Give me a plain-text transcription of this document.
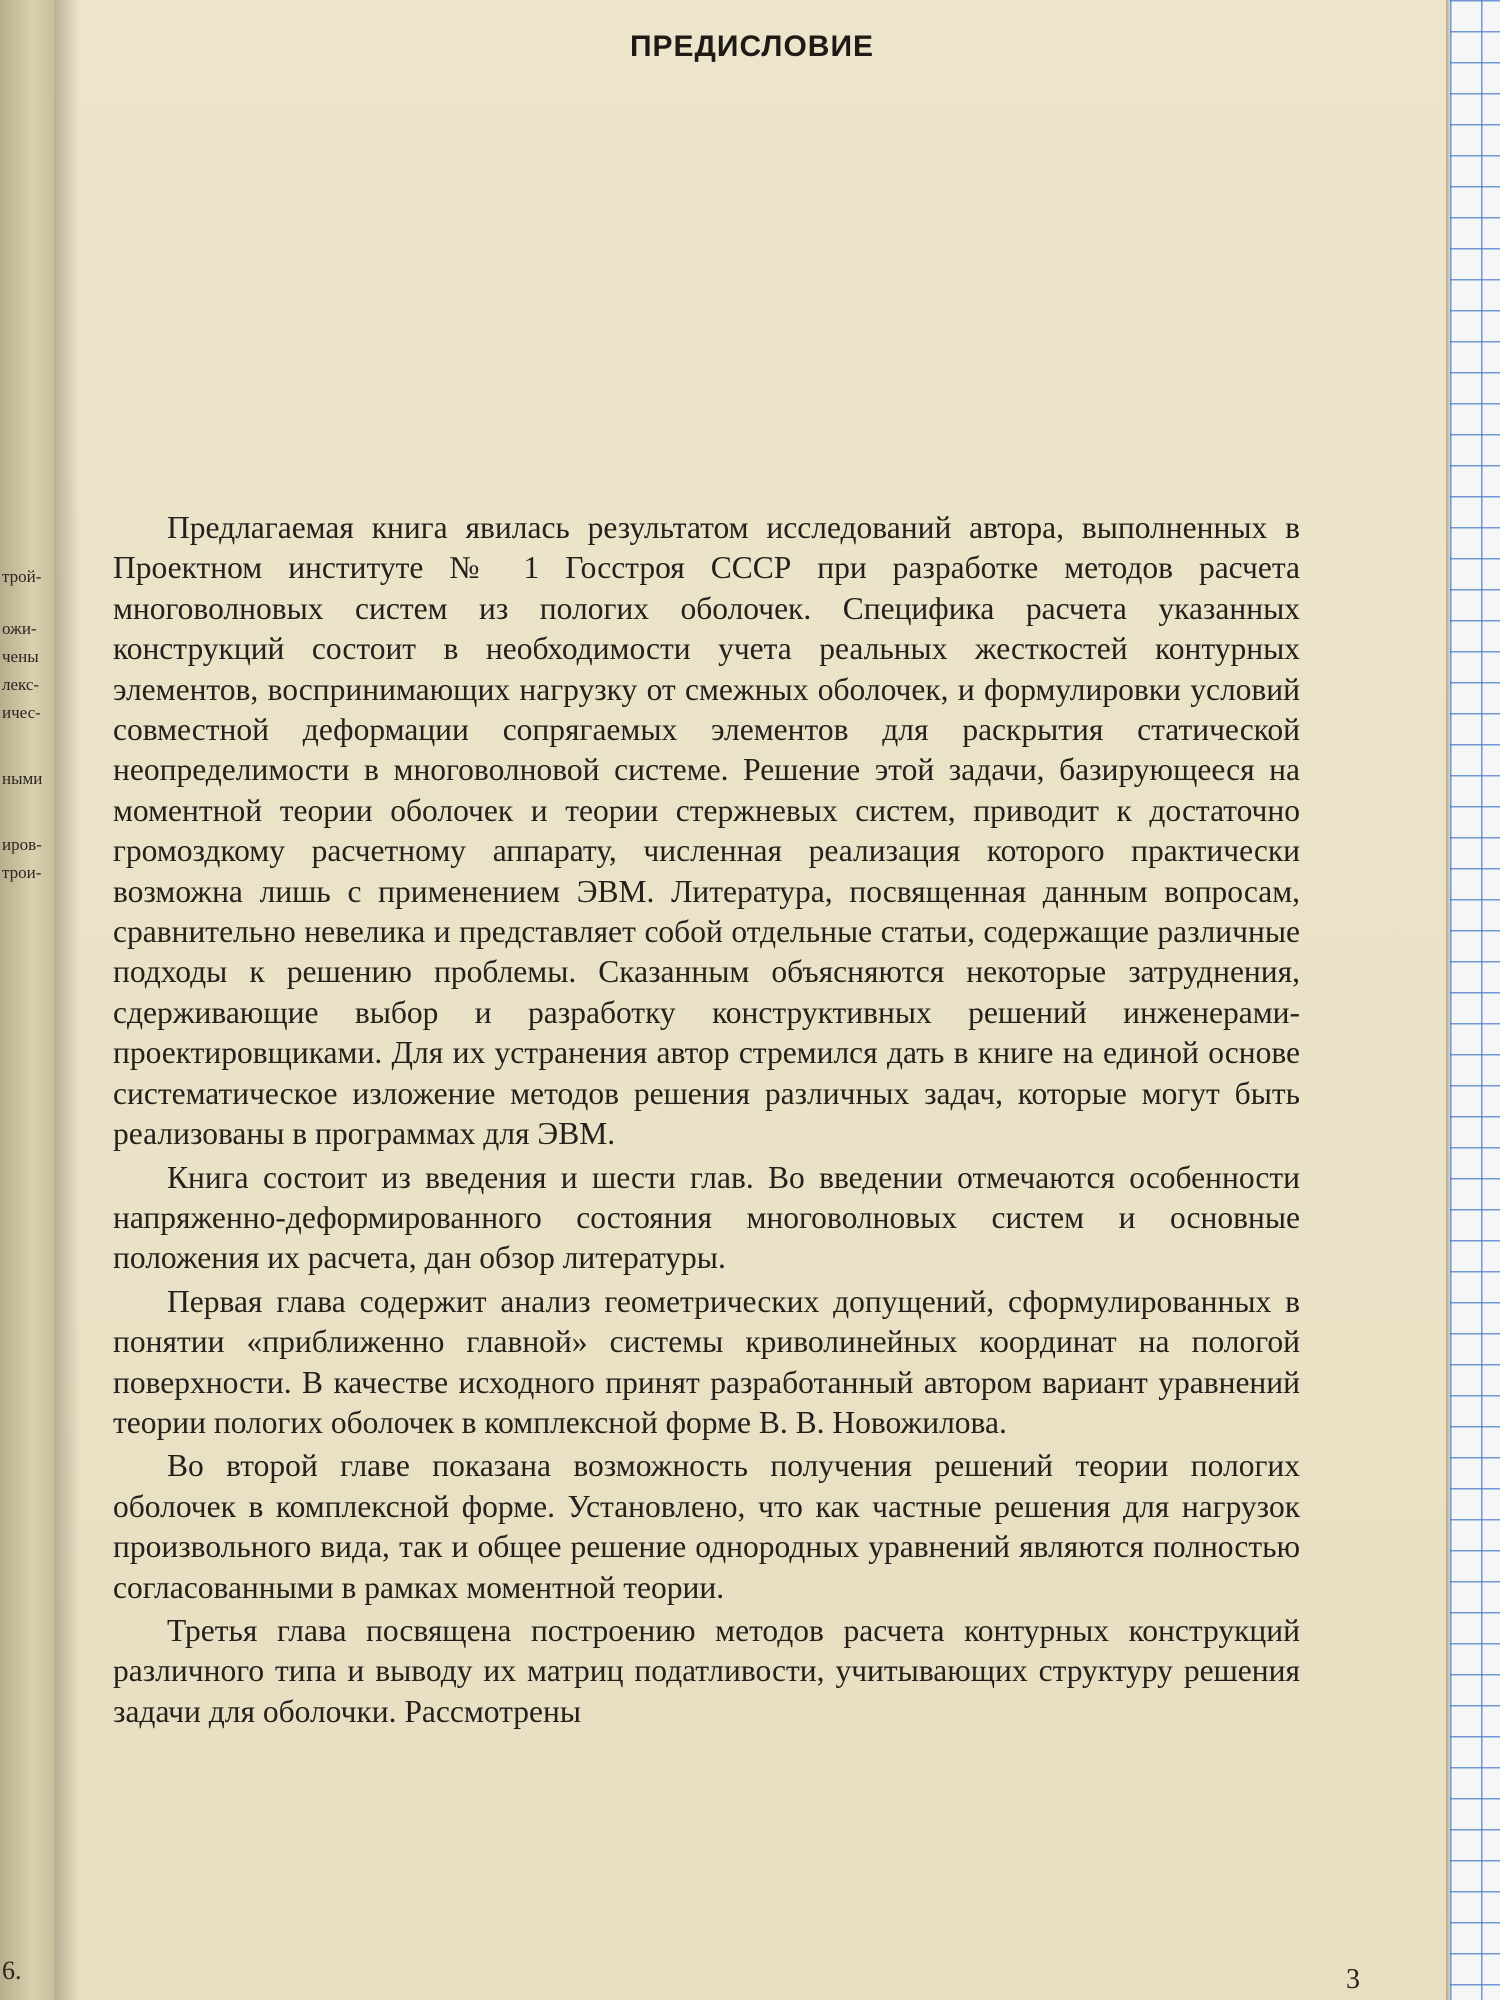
трой-
ожи-
чены
лекс-
ичес-
ными
иров-
трои-
6.
ПРЕДИСЛОВИЕ

Предлагаемая книга явилась результатом исследований автора, выполненных в Проектном институте № 1 Госстроя СССР при разработке методов расчета многоволновых систем из пологих оболочек. Специфика расчета указанных конструкций состоит в необходимости учета реальных жесткостей контурных элементов, воспринимающих нагрузку от смежных оболочек, и формулировки условий совместной деформации сопрягаемых элементов для раскрытия статической неопределимости в многоволновой системе. Решение этой задачи, базирующееся на моментной теории оболочек и теории стержневых систем, приводит к достаточно громоздкому расчетному аппарату, численная реализация которого практически возможна лишь с применением ЭВМ. Литература, посвященная данным вопросам, сравнительно невелика и представляет собой отдельные статьи, содержащие различные подходы к решению проблемы. Сказанным объясняются некоторые затруднения, сдерживающие выбор и разработку конструктивных решений инженерами-проектировщиками. Для их устранения автор стремился дать в книге на единой основе систематическое изложение методов решения различных задач, которые могут быть реализованы в программах для ЭВМ.

Книга состоит из введения и шести глав. Во введении отмечаются особенности напряженно-деформированного состояния многоволновых систем и основные положения их расчета, дан обзор литературы.

Первая глава содержит анализ геометрических допущений, сформулированных в понятии «приближенно главной» системы криволинейных координат на пологой поверхности. В качестве исходного принят разработанный автором вариант уравнений теории пологих оболочек в комплексной форме В. В. Новожилова.

Во второй главе показана возможность получения решений теории пологих оболочек в комплексной форме. Установлено, что как частные решения для нагрузок произвольного вида, так и общее решение однородных уравнений являются полностью согласованными в рамках моментной теории.

Третья глава посвящена построению методов расчета контурных конструкций различного типа и выводу их матриц податливости, учитывающих структуру решения задачи для оболочки. Рассмотрены

3
